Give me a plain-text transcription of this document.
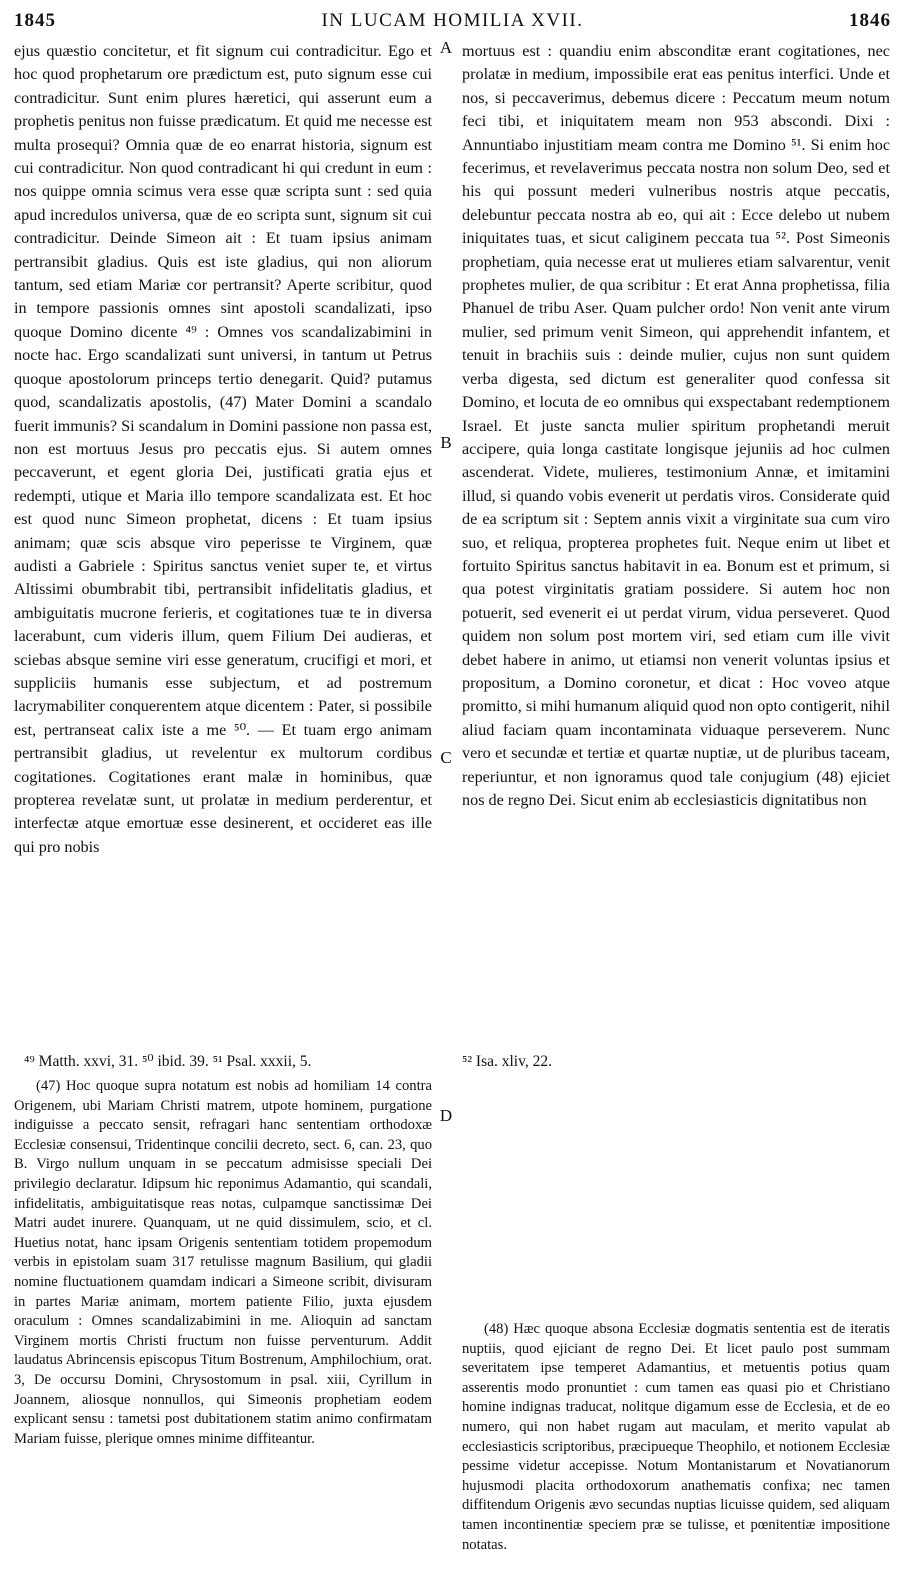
1845	IN LUCAM HOMILIA XVII.	1846
A
B
C
D

ejus quæstio concitetur, et fit signum cui contradicitur. Ego et hoc quod prophetarum ore prædictum est, puto signum esse cui contradicitur. Sunt enim plures hæretici, qui asserunt eum a prophetis penitus non fuisse prædicatum. Et quid me necesse est multa prosequi? Omnia quæ de eo enarrat historia, signum est cui contradicitur. Non quod contradicant hi qui credunt in eum : nos quippe omnia scimus vera esse quæ scripta sunt : sed quia apud incredulos universa, quæ de eo scripta sunt, signum sit cui contradicitur. Deinde Simeon ait : Et tuam ipsius animam pertransibit gladius. Quis est iste gladius, qui non aliorum tantum, sed etiam Mariæ cor pertransit? Aperte scribitur, quod in tempore passionis omnes sint apostoli scandalizati, ipso quoque Domino dicente ⁴⁹ : Omnes vos scandalizabimini in nocte hac. Ergo scandalizati sunt universi, in tantum ut Petrus quoque apostolorum princeps tertio denegarit. Quid? putamus quod, scandalizatis apostolis, (47) Mater Domini a scandalo fuerit immunis? Si scandalum in Domini passione non passa est, non est mortuus Jesus pro peccatis ejus. Si autem omnes peccaverunt, et egent gloria Dei, justificati gratia ejus et redempti, utique et Maria illo tempore scandalizata est. Et hoc est quod nunc Simeon prophetat, dicens : Et tuam ipsius animam; quæ scis absque viro peperisse te Virginem, quæ audisti a Gabriele : Spiritus sanctus veniet super te, et virtus Altissimi obumbrabit tibi, pertransibit infidelitatis gladius, et ambiguitatis mucrone ferieris, et cogitationes tuæ te in diversa lacerabunt, cum videris illum, quem Filium Dei audieras, et sciebas absque semine viri esse generatum, crucifigi et mori, et suppliciis humanis esse subjectum, et ad postremum lacrymabiliter conquerentem atque dicentem : Pater, si possibile est, pertranseat calix iste a me ⁵⁰. — Et tuam ergo animam pertransibit gladius, ut revelentur ex multorum cordibus cogitationes. Cogitationes erant malæ in hominibus, quæ propterea revelatæ sunt, ut prolatæ in medium perderentur, et interfectæ atque emortuæ esse desinerent, et occideret eas ille qui pro nobis

mortuus est : quandiu enim absconditæ erant cogitationes, nec prolatæ in medium, impossibile erat eas penitus interfici. Unde et nos, si peccaverimus, debemus dicere : Peccatum meum notum feci tibi, et iniquitatem meam non 953 abscondi. Dixi : Annuntiabo injustitiam meam contra me Domino ⁵¹. Si enim hoc fecerimus, et revelaverimus peccata nostra non solum Deo, sed et his qui possunt mederi vulneribus nostris atque peccatis, delebuntur peccata nostra ab eo, qui ait : Ecce delebo ut nubem iniquitates tuas, et sicut caliginem peccata tua ⁵². Post Simeonis prophetiam, quia necesse erat ut mulieres etiam salvarentur, venit prophetes mulier, de qua scribitur : Et erat Anna prophetissa, filia Phanuel de tribu Aser. Quam pulcher ordo! Non venit ante virum mulier, sed primum venit Simeon, qui apprehendit infantem, et tenuit in brachiis suis : deinde mulier, cujus non sunt quidem verba digesta, sed dictum est generaliter quod confessa sit Domino, et locuta de eo omnibus qui exspectabant redemptionem Israel. Et juste sancta mulier spiritum prophetandi meruit accipere, quia longa castitate longisque jejuniis ad hoc culmen ascenderat. Videte, mulieres, testimonium Annæ, et imitamini illud, si quando vobis evenerit ut perdatis viros. Considerate quid de ea scriptum sit : Septem annis vixit a virginitate sua cum viro suo, et reliqua, propterea prophetes fuit. Neque enim ut libet et fortuito Spiritus sanctus habitavit in ea. Bonum est et primum, si qua potest virginitatis gratiam possidere. Si autem hoc non potuerit, sed evenerit ei ut perdat virum, vidua perseveret. Quod quidem non solum post mortem viri, sed etiam cum ille vivit debet habere in animo, ut etiamsi non venerit voluntas ipsius et propositum, a Domino coronetur, et dicat : Hoc voveo atque promitto, si mihi humanum aliquid quod non opto contigerit, nihil aliud faciam quam incontaminata viduaque perseverem. Nunc vero et secundæ et tertiæ et quartæ nuptiæ, ut de pluribus taceam, reperiuntur, et non ignoramus quod tale conjugium (48) ejiciet nos de regno Dei. Sicut enim ab ecclesiasticis dignitatibus non

⁴⁹ Matth. xxvi, 31. ⁵⁰ ibid. 39. ⁵¹ Psal. xxxii, 5.	⁵² Isa. xliv, 22.

(47) Hoc quoque supra notatum est nobis ad homiliam 14 contra Origenem, ubi Mariam Christi matrem, utpote hominem, purgatione indiguisse a peccato sensit, refragari hanc sententiam orthodoxæ Ecclesiæ consensui, Tridentinque concilii decreto, sect. 6, can. 23, quo B. Virgo nullum unquam in se peccatum admisisse speciali Dei privilegio declaratur. Idipsum hic reponimus Adamantio, qui scandali, infidelitatis, ambiguitatisque reas notas, culpamque sanctissimæ Dei Matri audet inurere. Quanquam, ut ne quid dissimulem, scio, et cl. Huetius notat, hanc ipsam Origenis sententiam totidem propemodum verbis in epistolam suam 317 retulisse magnum Basilium, qui gladii nomine fluctuationem quamdam indicari a Simeone scribit, divisuram in partes Mariæ animam, mortem patiente Filio, juxta ejusdem oraculum : Omnes scandalizabimini in me. Alioquin ad sanctam Virginem mortis Christi fructum non fuisse perventurum. Addit laudatus Abrincensis episcopus Titum Bostrenum, Amphilochium, orat. 3, De occursu Domini, Chrysostomum in psal. xiii, Cyrillum in Joannem, aliosque nonnullos, qui Simeonis prophetiam eodem explicant sensu : tametsi post dubitationem statim animo confirmatam Mariam fuisse, plerique omnes minime diffiteantur.

(48) Hæc quoque absona Ecclesiæ dogmatis sententia est de iteratis nuptiis, quod ejiciant de regno Dei. Et licet paulo post summam severitatem ipse temperet Adamantius, et metuentis potius quam asserentis modo pronuntiet : cum tamen eas quasi pio et Christiano homine indignas traducat, nolitque digamum esse de Ecclesia, et de eo numero, qui non habet rugam aut maculam, et merito vapulat ab ecclesiasticis scriptoribus, præcipueque Theophilo, et notionem Ecclesiæ pessime videtur accepisse. Notum Montanistarum et Novatianorum hujusmodi placita orthodoxorum anathematis confixa; nec tamen diffitendum Origenis ævo secundas nuptias licuisse quidem, sed aliquam tamen incontinentiæ speciem præ se tulisse, et pœnitentiæ impositione notatas.
